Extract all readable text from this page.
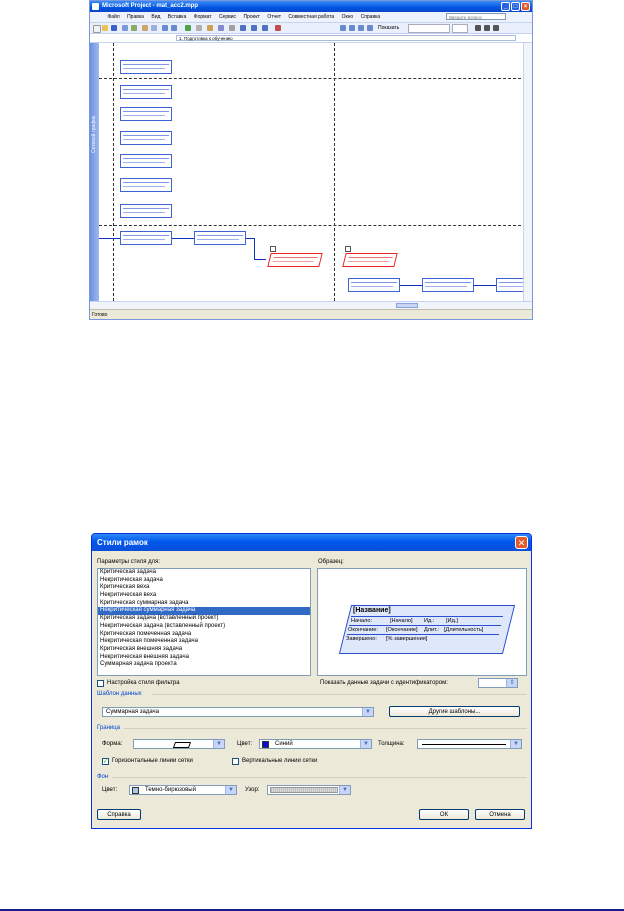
Microsoft Project - mat_acc2.mpp	_	□	×
Файл Правка Вид Вставка Формат Сервис Проект Отчет Совместная работа Окно Справка	Введите вопрос
Показать
1. Подготовка к обучению
Сетевой график
Готово
Стили рамок	✕
Параметры стиля для:	Образец:
Критическая задача
Некритическая задача
Критическая веха
Некритическая веха
Критическая суммарная задача
Некритическая суммарная задача
Критическая задача (вставленный проект)
Некритическая задача (вставленный проект)
Критическая помеченная задача
Некритическая помеченная задача
Критическая внешняя задача
Некритическая внешняя задача
Суммарная задача проекта
[Название]
Начало:	[Начало] Ид.: [Ид.]
Окончание: [Окончание]	Длит.: [Длительность]
Завершено: [% завершения]
Настройка стиля фильтра	Показать данные задачи с идентификатором:	⇕
Шаблон данных
Суммарная задача	▼	Другие шаблоны...
Граница
Форма:	▼	Цвет:	Синий	▼	Толщина:	▼
✓ Горизонтальные линии сетки	Вертикальные линии сетки
Фон
Цвет:	Темно-бирюзовый	▼	Узор:	▼
Справка	ОК	Отмена
